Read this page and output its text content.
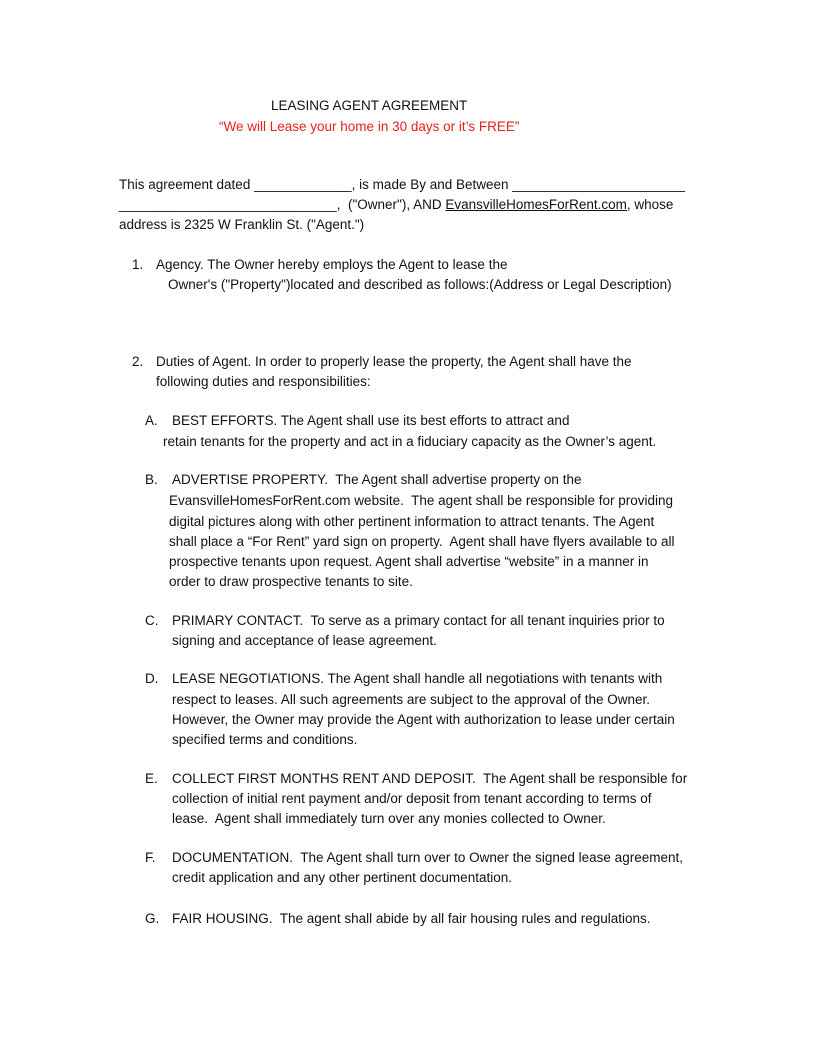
LEASING AGENT AGREEMENT
“We will Lease your home in 30 days or it’s FREE”
This agreement dated _____________, is made By and Between _______________________
_____________________________,  ("Owner"), AND EvansvilleHomesForRent.com, whose
address is 2325 W Franklin St. ("Agent.")
1. Agency. The Owner hereby employs the Agent to lease the
Owner's ("Property")located and described as follows:(Address or Legal Description)
2. Duties of Agent. In order to properly lease the property, the Agent shall have the
following duties and responsibilities:
A. BEST EFFORTS. The Agent shall use its best efforts to attract and
retain tenants for the property and act in a fiduciary capacity as the Owner’s agent.
B. ADVERTISE PROPERTY.  The Agent shall advertise property on the
EvansvilleHomesForRent.com website.  The agent shall be responsible for providing
digital pictures along with other pertinent information to attract tenants. The Agent
shall place a “For Rent” yard sign on property.  Agent shall have flyers available to all
prospective tenants upon request. Agent shall advertise “website” in a manner in
order to draw prospective tenants to site.
C. PRIMARY CONTACT.  To serve as a primary contact for all tenant inquiries prior to
signing and acceptance of lease agreement.
D. LEASE NEGOTIATIONS. The Agent shall handle all negotiations with tenants with
respect to leases. All such agreements are subject to the approval of the Owner.
However, the Owner may provide the Agent with authorization to lease under certain
specified terms and conditions.
E. COLLECT FIRST MONTHS RENT AND DEPOSIT.  The Agent shall be responsible for
collection of initial rent payment and/or deposit from tenant according to terms of
lease.  Agent shall immediately turn over any monies collected to Owner.
F. DOCUMENTATION.  The Agent shall turn over to Owner the signed lease agreement,
credit application and any other pertinent documentation.
G. FAIR HOUSING.  The agent shall abide by all fair housing rules and regulations.
